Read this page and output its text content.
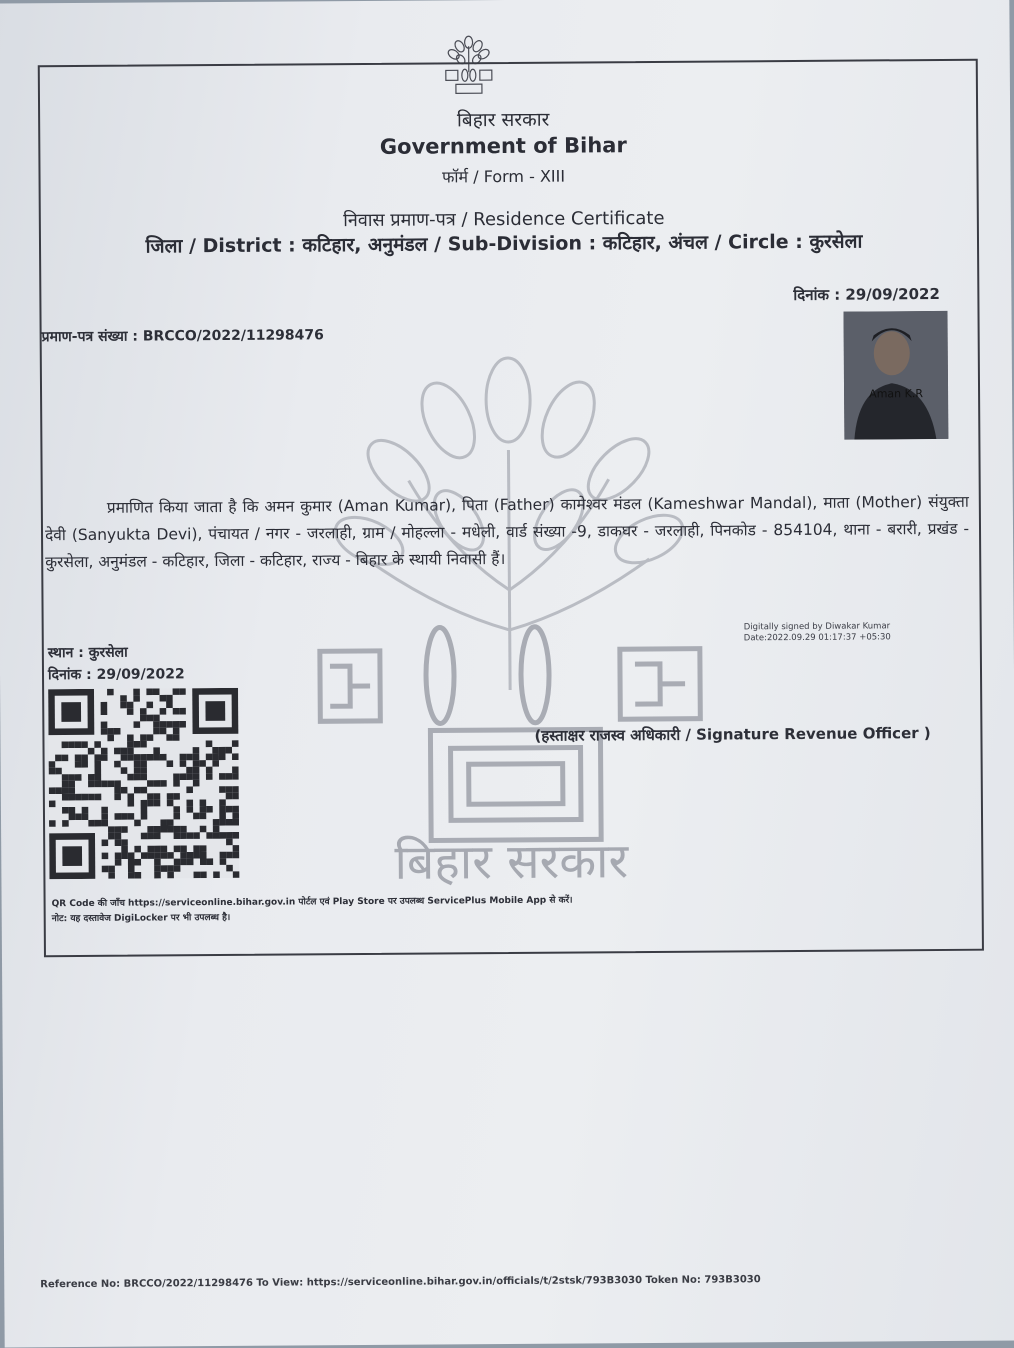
बिहार सरकार
Government of Bihar
फॉर्म / Form - XIII
निवास प्रमाण-पत्र / Residence Certificate
जिला / District : कटिहार, अनुमंडल / Sub-Division : कटिहार, अंचल / Circle : कुरसेला
बिहार सरकार
दिनांक : 29/09/2022
प्रमाण-पत्र संख्या : BRCCO/2022/11298476
Aman K.R
प्रमाणित किया जाता है कि अमन कुमार (Aman Kumar), पिता (Father) कामेश्वर मंडल (Kameshwar Mandal), माता (Mother) संयुक्ता देवी (Sanyukta Devi), पंचायत / नगर - जरलाही, ग्राम / मोहल्ला - मधेली, वार्ड संख्या -9, डाकघर - जरलाही, पिनकोड - 854104, थाना - बरारी, प्रखंड - कुरसेला, अनुमंडल - कटिहार, जिला - कटिहार, राज्य - बिहार के स्थायी निवासी हैं।
स्थान : कुरसेला
दिनांक : 29/09/2022
Digitally signed by Diwakar Kumar
Date:2022.09.29 01:17:37 +05:30
(हस्ताक्षर राजस्व अधिकारी / Signature Revenue Officer )
QR Code की जाँच https://serviceonline.bihar.gov.in पोर्टल एवं Play Store पर उपलब्ध ServicePlus Mobile App से करें।
नोट: यह दस्तावेज DigiLocker पर भी उपलब्ध है।
Reference No: BRCCO/2022/11298476 To View: https://serviceonline.bihar.gov.in/officials/t/2stsk/793B3030 Token No: 793B3030
